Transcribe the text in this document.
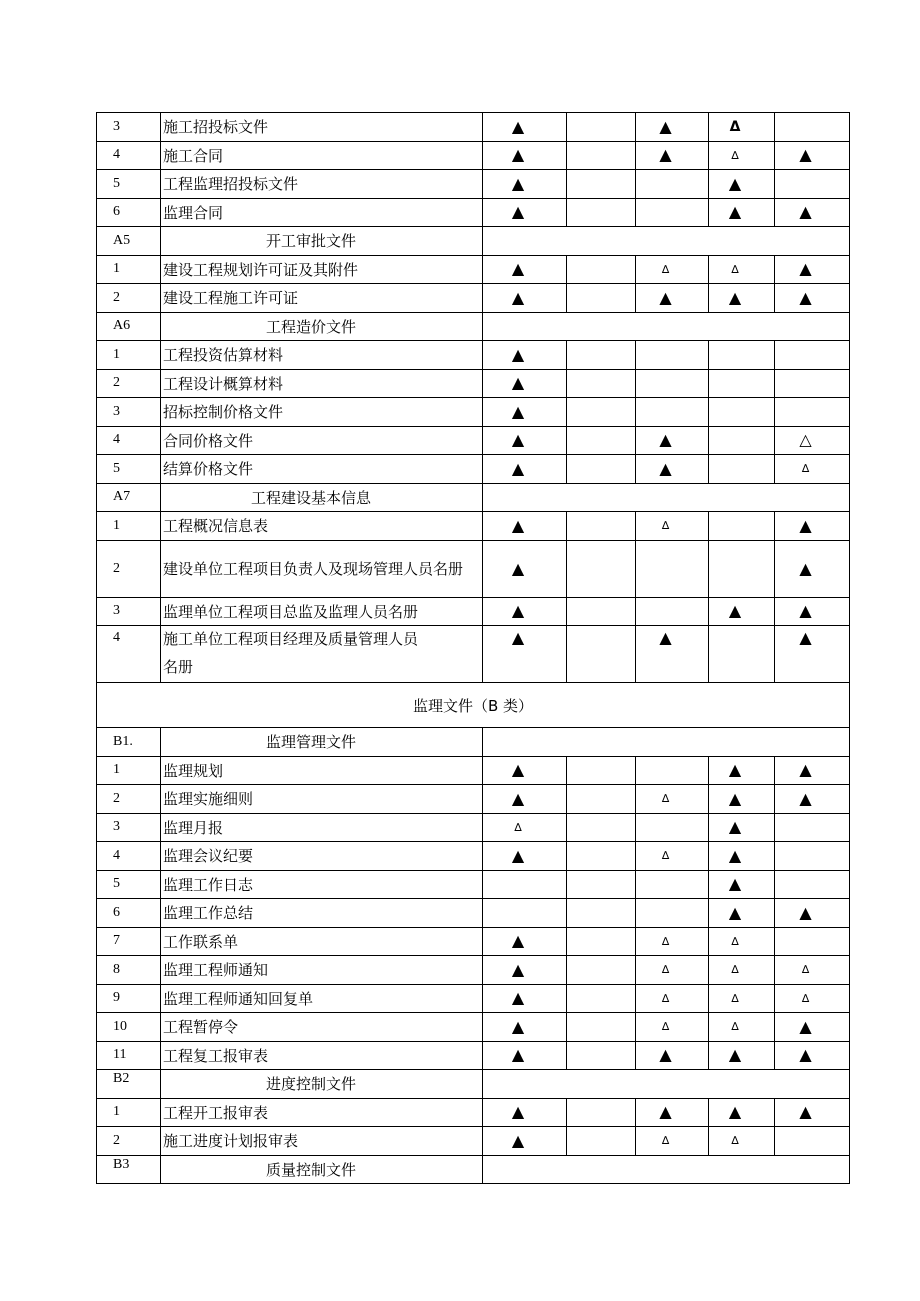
3	施工招投标文件	▲		▲	Δ	
4	施工合同	▲		▲	∆	▲
5	工程监理招投标文件	▲			▲	
6	监理合同	▲			▲	▲
A5	开工审批文件					
1	建设工程规划许可证及其附件	▲		∆	∆	▲
2	建设工程施工许可证	▲		▲	▲	▲
A6	工程造价文件					
1	工程投资估算材料	▲				
2	工程设计概算材料	▲				
3	招标控制价格文件	▲				
4	合同价格文件	▲		▲		△
5	结算价格文件	▲		▲		∆
A7	工程建设基本信息					
1	工程概况信息表	▲		∆		▲
2	建设单位工程项目负责人及现场管理人员名册	▲				▲
3	监理单位工程项目总监及监理人员名册	▲			▲	▲
4	施工单位工程项目经理及质量管理人员
名册	▲		▲		▲
监理文件（B 类）						
B1.	监理管理文件					
1	监理规划	▲			▲	▲
2	监理实施细则	▲		∆	▲	▲
3	监理月报	∆			▲	
4	监理会议纪要	▲		∆	▲	
5	监理工作日志				▲	
6	监理工作总结				▲	▲
7	工作联系单	▲		∆	∆	
8	监理工程师通知	▲		∆	∆	∆
9	监理工程师通知回复单	▲		∆	∆	∆
10	工程暂停令	▲		∆	∆	▲
11	工程复工报审表	▲		▲	▲	▲
B2	进度控制文件					
1	工程开工报审表	▲		▲	▲	▲
2	施工进度计划报审表	▲		∆	∆	
B3	质量控制文件					
